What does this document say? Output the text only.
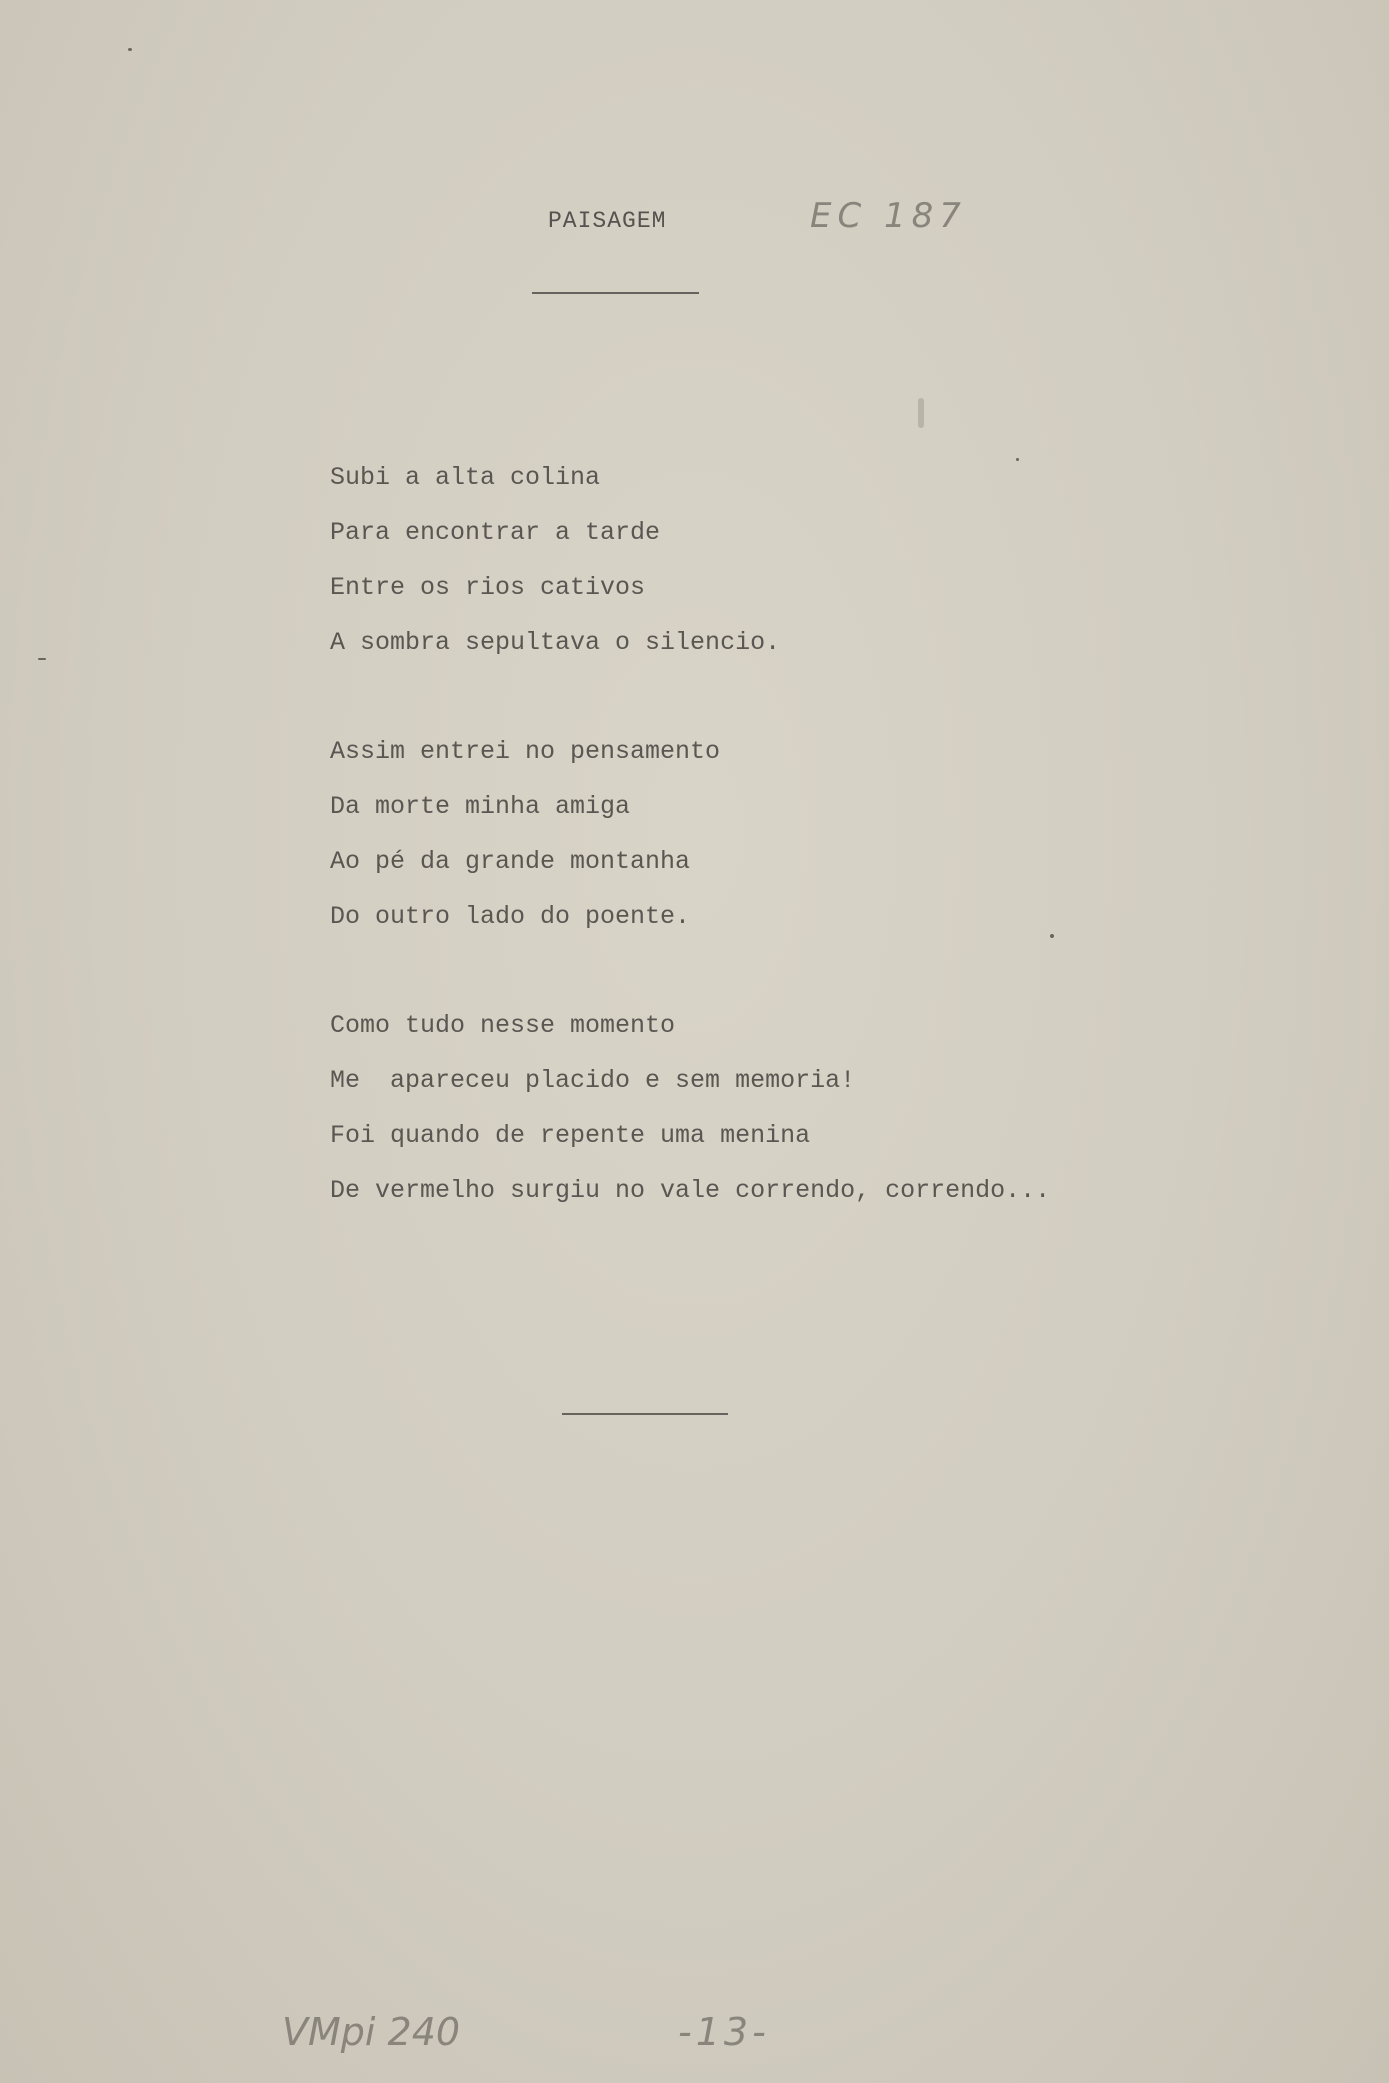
PAISAGEM	EC 187
Subi a alta colina
Para encontrar a tarde
Entre os rios cativos
A sombra sepultava o silencio.
Assim entrei no pensamento
Da morte minha amiga
Ao pé da grande montanha
Do outro lado do poente.
Como tudo nesse momento
Me  apareceu placido e sem memoria!
Foi quando de repente uma menina
De vermelho surgiu no vale correndo, correndo...
VMpi 240	-13-
